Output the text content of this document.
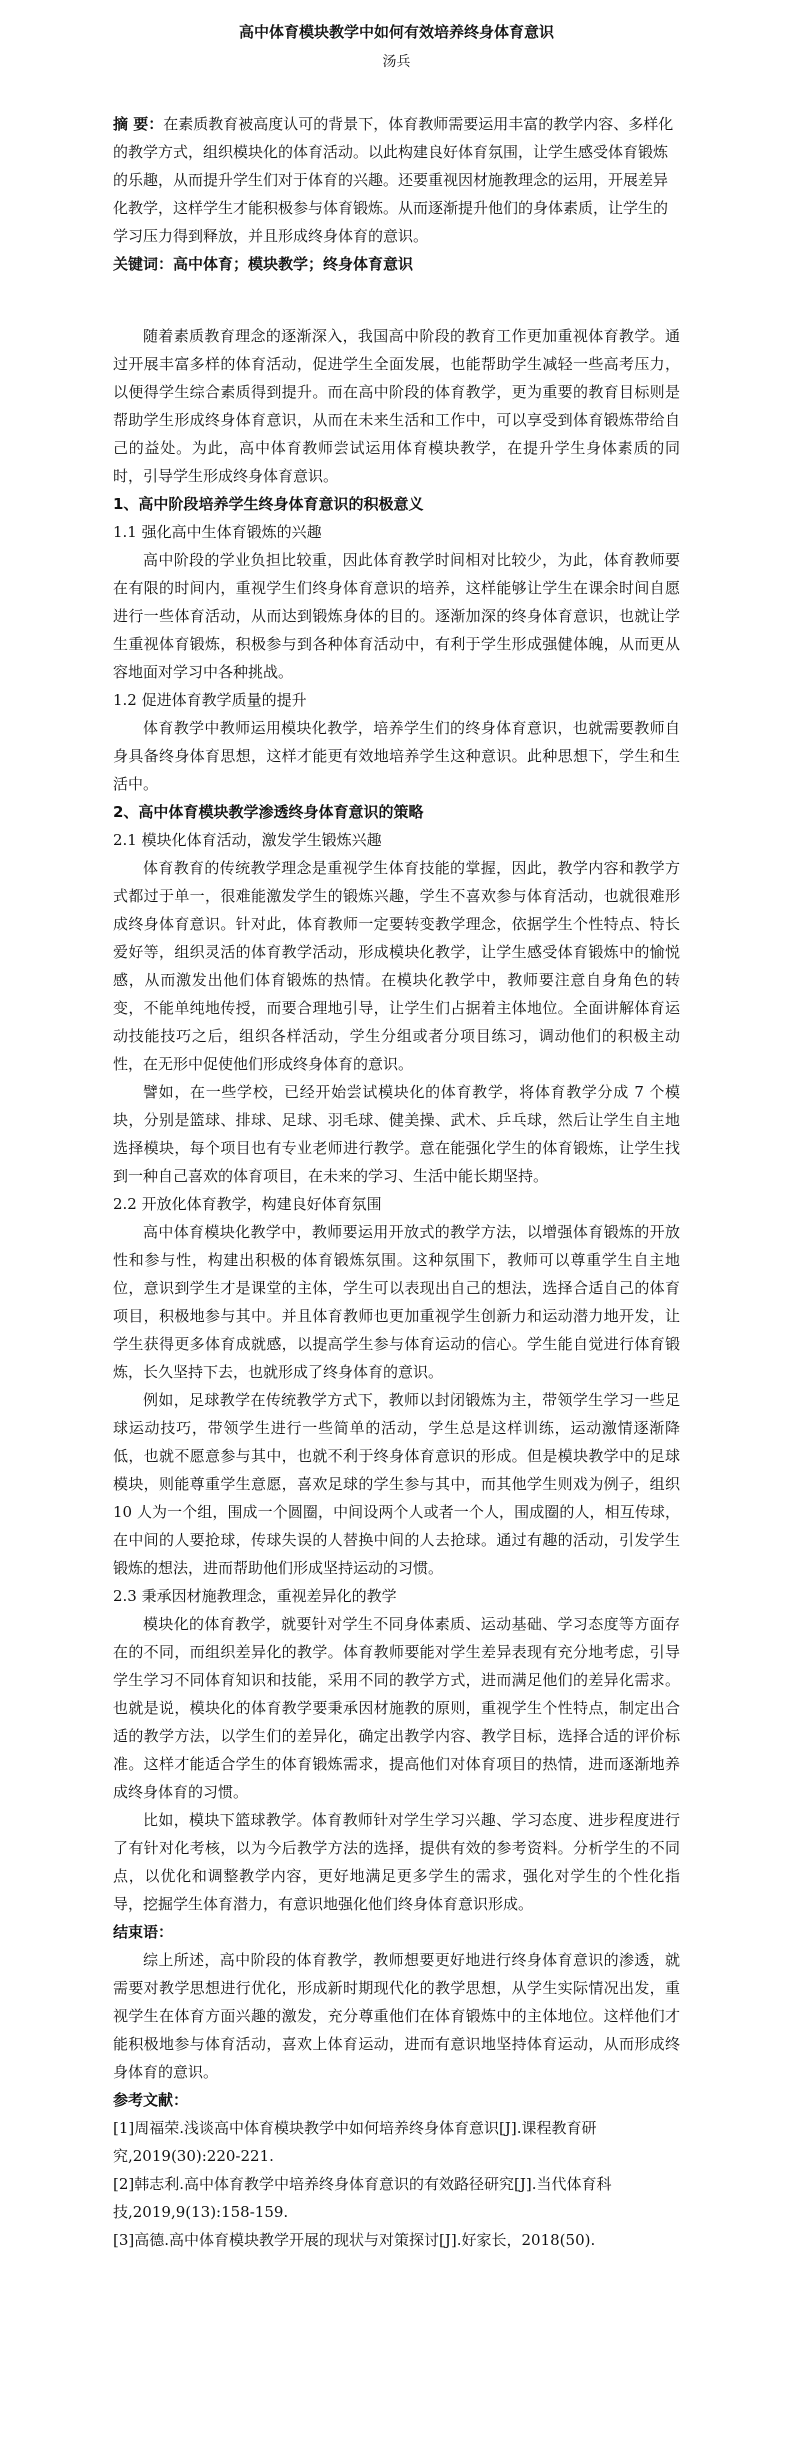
高中体育模块教学中如何有效培养终身体育意识
汤兵

摘 要：在素质教育被高度认可的背景下，体育教师需要运用丰富的教学内容、多样化的教学方式，组织模块化的体育活动。以此构建良好体育氛围，让学生感受体育锻炼的乐趣，从而提升学生们对于体育的兴趣。还要重视因材施教理念的运用，开展差异化教学，这样学生才能积极参与体育锻炼。从而逐渐提升他们的身体素质，让学生的学习压力得到释放，并且形成终身体育的意识。

关键词：高中体育；模块教学；终身体育意识

随着素质教育理念的逐渐深入，我国高中阶段的教育工作更加重视体育教学。通过开展丰富多样的体育活动，促进学生全面发展，也能帮助学生减轻一些高考压力，以便得学生综合素质得到提升。而在高中阶段的体育教学，更为重要的教育目标则是帮助学生形成终身体育意识，从而在未来生活和工作中，可以享受到体育锻炼带给自己的益处。为此，高中体育教师尝试运用体育模块教学，在提升学生身体素质的同时，引导学生形成终身体育意识。

1、高中阶段培养学生终身体育意识的积极意义
1.1 强化高中生体育锻炼的兴趣

高中阶段的学业负担比较重，因此体育教学时间相对比较少，为此，体育教师要在有限的时间内，重视学生们终身体育意识的培养，这样能够让学生在课余时间自愿进行一些体育活动，从而达到锻炼身体的目的。逐渐加深的终身体育意识，也就让学生重视体育锻炼，积极参与到各种体育活动中，有利于学生形成强健体魄，从而更从容地面对学习中各种挑战。

1.2 促进体育教学质量的提升

体育教学中教师运用模块化教学，培养学生们的终身体育意识，也就需要教师自身具备终身体育思想，这样才能更有效地培养学生这种意识。此种思想下，学生和生活中。

2、高中体育模块教学渗透终身体育意识的策略
2.1 模块化体育活动，激发学生锻炼兴趣

体育教育的传统教学理念是重视学生体育技能的掌握，因此，教学内容和教学方式都过于单一，很难能激发学生的锻炼兴趣，学生不喜欢参与体育活动，也就很难形成终身体育意识。针对此，体育教师一定要转变教学理念，依据学生个性特点、特长爱好等，组织灵活的体育教学活动，形成模块化教学，让学生感受体育锻炼中的愉悦感，从而激发出他们体育锻炼的热情。在模块化教学中，教师要注意自身角色的转变，不能单纯地传授，而要合理地引导，让学生们占据着主体地位。全面讲解体育运动技能技巧之后，组织各样活动，学生分组或者分项目练习，调动他们的积极主动性，在无形中促使他们形成终身体育的意识。

譬如，在一些学校，已经开始尝试模块化的体育教学，将体育教学分成 7 个模块，分别是篮球、排球、足球、羽毛球、健美操、武术、乒乓球，然后让学生自主地选择模块，每个项目也有专业老师进行教学。意在能强化学生的体育锻炼，让学生找到一种自己喜欢的体育项目，在未来的学习、生活中能长期坚持。

2.2 开放化体育教学，构建良好体育氛围

高中体育模块化教学中，教师要运用开放式的教学方法，以增强体育锻炼的开放性和参与性，构建出积极的体育锻炼氛围。这种氛围下，教师可以尊重学生自主地位，意识到学生才是课堂的主体，学生可以表现出自己的想法，选择合适自己的体育项目，积极地参与其中。并且体育教师也更加重视学生创新力和运动潜力地开发，让学生获得更多体育成就感，以提高学生参与体育运动的信心。学生能自觉进行体育锻炼，长久坚持下去，也就形成了终身体育的意识。

例如，足球教学在传统教学方式下，教师以封闭锻炼为主，带领学生学习一些足球运动技巧，带领学生进行一些简单的活动，学生总是这样训练，运动激情逐渐降低，也就不愿意参与其中，也就不利于终身体育意识的形成。但是模块教学中的足球模块，则能尊重学生意愿，喜欢足球的学生参与其中，而其他学生则戏为例子，组织 10 人为一个组，围成一个圆圈，中间设两个人或者一个人，围成圈的人，相互传球，在中间的人要抢球，传球失误的人替换中间的人去抢球。通过有趣的活动，引发学生锻炼的想法，进而帮助他们形成坚持运动的习惯。

2.3 秉承因材施教理念，重视差异化的教学

模块化的体育教学，就要针对学生不同身体素质、运动基础、学习态度等方面存在的不同，而组织差异化的教学。体育教师要能对学生差异表现有充分地考虑，引导学生学习不同体育知识和技能，采用不同的教学方式，进而满足他们的差异化需求。也就是说，模块化的体育教学要秉承因材施教的原则，重视学生个性特点，制定出合适的教学方法，以学生们的差异化，确定出教学内容、教学目标，选择合适的评价标准。这样才能适合学生的体育锻炼需求，提高他们对体育项目的热情，进而逐渐地养成终身体育的习惯。

比如，模块下篮球教学。体育教师针对学生学习兴趣、学习态度、进步程度进行了有针对化考核，以为今后教学方法的选择，提供有效的参考资料。分析学生的不同点，以优化和调整教学内容，更好地满足更多学生的需求，强化对学生的个性化指导，挖掘学生体育潜力，有意识地强化他们终身体育意识形成。

结束语：

综上所述，高中阶段的体育教学，教师想要更好地进行终身体育意识的渗透，就需要对教学思想进行优化，形成新时期现代化的教学思想，从学生实际情况出发，重视学生在体育方面兴趣的激发，充分尊重他们在体育锻炼中的主体地位。这样他们才能积极地参与体育活动，喜欢上体育运动，进而有意识地坚持体育运动，从而形成终身体育的意识。

参考文献：

[1]周福荣.浅谈高中体育模块教学中如何培养终身体育意识[J].课程教育研究,2019(30):220-221.

[2]韩志利.高中体育教学中培养终身体育意识的有效路径研究[J].当代体育科技,2019,9(13):158-159.

[3]高德.高中体育模块教学开展的现状与对策探讨[J].好家长，2018(50).
